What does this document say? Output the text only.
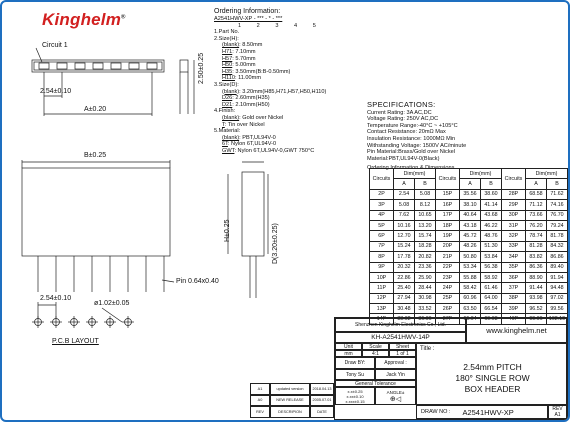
Kinghelm®
Circuit 1
2.54±0.10
A±0.20
2.50±0.25
B±0.25
H±0.25	D(3.20±0.25)
Pin 0.64x0.40
2.54±0.10
ø1.02±0.05
P.C.B LAYOUT
Ordering Information:
A2541HWV-XP - *** - * - ***
1 2 3 4 5
1.Part No.
2.Size(H):
(blank): 8.50mm
H71: 7.10mm
H57: 5.70mm
H50: 5.00mm
H35: 3.50mm(B:B-0.50mm)
H110: 11.00mm
3.Size(D):
(blank): 3.20mm(H85,H71,H57,H50,H110)
D26: 2.60mm(H35)
D21: 2.10mm(H50)
4.Finish:
(blank): Gold over Nickel
T: Tin over Nickel
5.Material:
(blank): PBT,UL94V-0
6T: Nylon 6T,UL94V-0
GWT: Nylon 6T,UL94V-0,GWT 750°C
SPECIFICATIONS:
Current Rating: 3A AC,DC
Voltage Rating: 250V AC,DC
Temperature Range:-40°C ~ +105°C
Contact Resistance: 20mΩ Max
Insulation Resistance: 1000MΩ Min
Withstanding Voltage: 1500V AC/minute
Pin Material:Brass/Gold over Nickel
Material:PBT,UL94V-0(Black)
Ordering Information & Dimensions
Circuits	Dim(mm)		Circuits	Dim(mm)		Circuits	Dim(mm)	
	A	B		A	B		A	B
2P	2.54	5.08	15P	35.56	38.60	28P	68.58	71.62
3P	5.08	8.12	16P	38.10	41.14	29P	71.12	74.16
4P	7.62	10.65	17P	40.64	43.68	30P	73.66	76.70
5P	10.16	13.20	18P	43.18	46.22	31P	76.20	79.24
6P	12.70	15.74	19P	45.72	48.76	32P	78.74	81.78
7P	15.24	18.28	20P	48.26	51.30	33P	81.28	84.32
8P	17.78	20.82	21P	50.80	53.84	34P	83.82	86.86
9P	20.32	23.36	22P	53.34	56.38	35P	86.36	89.40
10P	22.86	25.90	23P	55.88	58.92	36P	88.90	91.94
11P	25.40	28.44	24P	58.42	61.46	37P	91.44	94.48
12P	27.94	30.98	25P	60.96	64.00	38P	93.98	97.02
13P	30.48	33.52	26P	63.50	66.54	39P	96.52	99.56
14P	33.02	36.06	27P	66.04	69.08	40P	99.06	102.10
A1	updated version	2018.04.13
A0	NEW RELEASE	2005.07.01
REV	DESCRIPION	DATE
Shenzhen Kinghelm Electronics Co., Ltd.
KH-A2541HWV-14P
www.kinghelm.net
Unit	Scale	Sheet
mm	4:1	1 of 1
Draw BY:	Approval :
Tony Su	Jack Yin
General Tolerance
x.x±0.25
x.xx±0.10
x.xxx±0.15
ANGLE±
⊕◁
Title :
2.54mm PITCH
180° SINGLE ROW
BOX HEADER
DRAW NO : A2541HWV-XP	REV
A1
